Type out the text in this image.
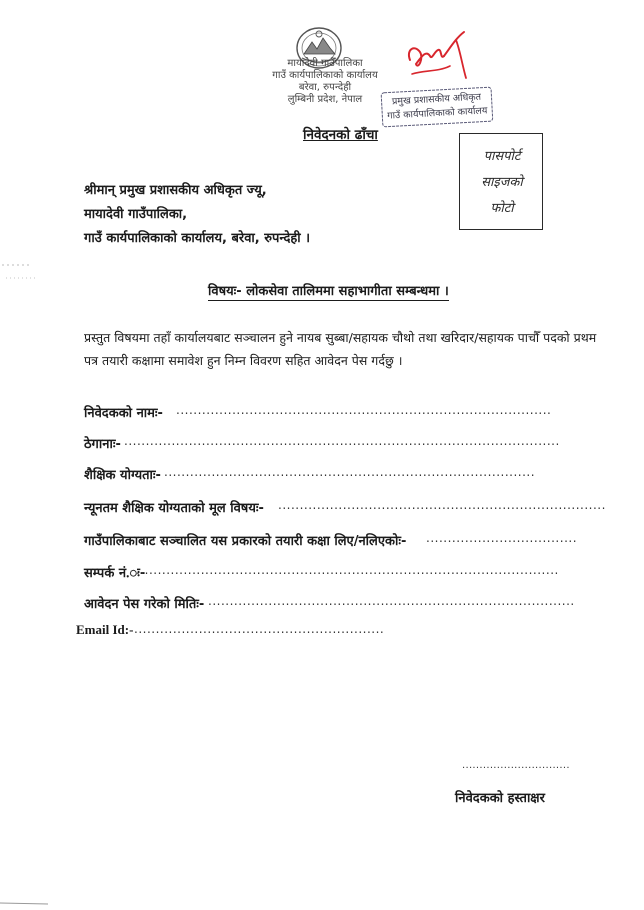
मायादेवी गाउँपालिका
गाउँ कार्यपालिकाको कार्यालय
बरेवा, रुपन्देही
लुम्बिनी प्रदेश, नेपाल	प्रमुख प्रशासकीय अधिकृत
गाउँ कार्यपालिकाको कार्यालय
निवेदनको ढाँचा
पासपोर्ट
साइजको
फोटो
श्रीमान् प्रमुख प्रशासकीय अधिकृत ज्यू,
मायादेवी गाउँपालिका,
गाउँ कार्यपालिकाको कार्यालय, बरेवा, रुपन्देही ।
विषयः- लोकसेवा तालिममा सहाभागीता सम्बन्धमा ।
प्रस्तुत विषयमा तहाँ कार्यालयबाट सञ्चालन हुने नायब सुब्बा/सहायक चौथो तथा खरिदार/सहायक पाचौँ पदको प्रथम
पत्र तयारी कक्षामा समावेश हुन निम्न विवरण सहित आवेदन पेस गर्दछु ।
निवेदकको नामः- .......................................................................................
ठेगानाः- .....................................................................................................
शैक्षिक योग्यताः- ......................................................................................
न्यूनतम शैक्षिक योग्यताको मूल विषयः- ............................................................................
गाउँपालिकाबाट सञ्चालित यस प्रकारको तयारी कक्षा लिए/नलिएकोः- ...................................
सम्पर्क नं.ः-
..................................................................................................
आवेदन पेस गरेको मितिः- .....................................................................................
Email Id:- ..........................................................
...............................
निवेदकको हस्ताक्षर
